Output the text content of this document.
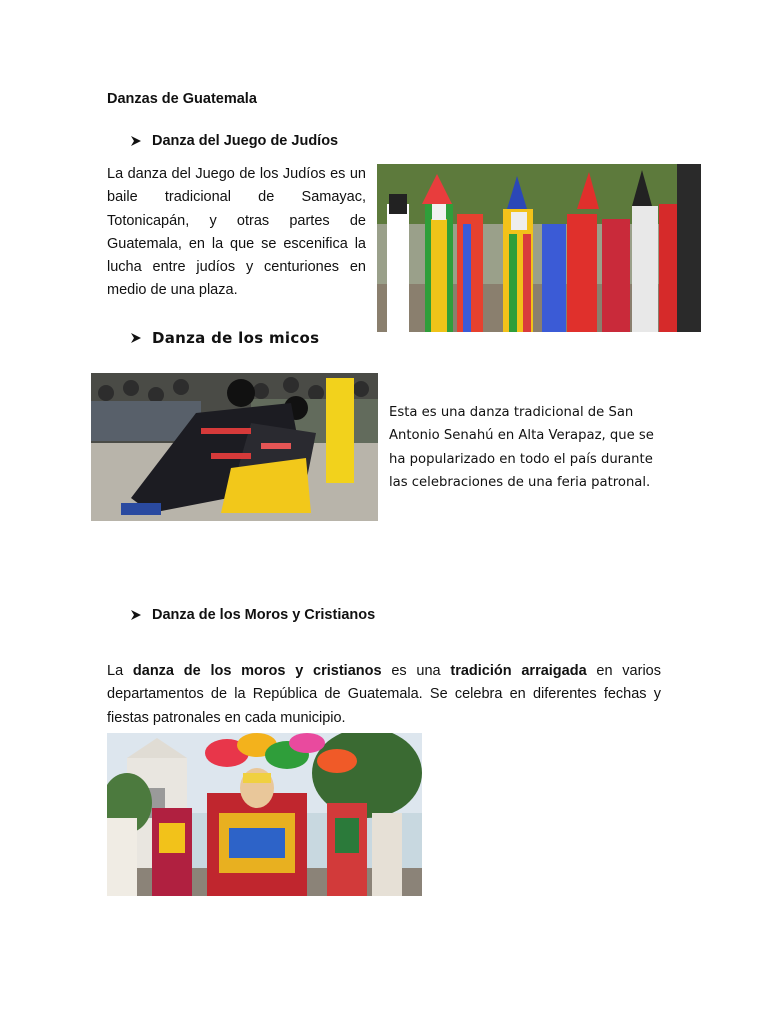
Danzas de Guatemala
Danza del Juego de Judíos
La danza del Juego de los Judíos es un baile tradicional de Samayac, Totonicapán, y otras partes de Guatemala, en la que se escenifica la lucha entre judíos y centuriones en medio de una plaza.
Danza de los micos
Esta es una danza tradicional de San Antonio Senahú en Alta Verapaz, que se ha popularizado en todo el país durante las celebraciones de una feria patronal.
Danza de los Moros y Cristianos
La danza de los moros y cristianos es una tradición arraigada en varios departamentos de la República de Guatemala. Se celebra en diferentes fechas y fiestas patronales en cada municipio.
